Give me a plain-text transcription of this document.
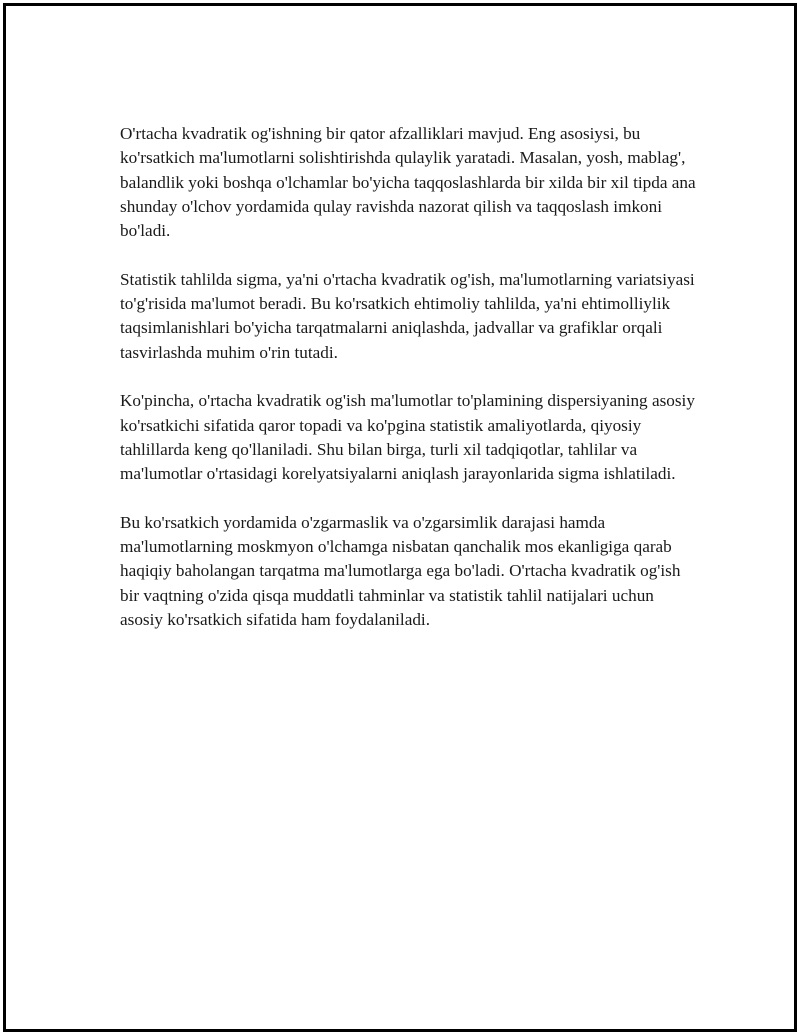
O'rtacha kvadratik og'ishning bir qator afzalliklari mavjud. Eng asosiysi, bu ko'rsatkich ma'lumotlarni solishtirishda qulaylik yaratadi. Masalan, yosh, mablag', balandlik yoki boshqa o'lchamlar bo'yicha taqqoslashlarda bir xilda bir xil tipda ana shunday o'lchov yordamida qulay ravishda nazorat qilish va taqqoslash imkoni bo'ladi.

Statistik tahlilda sigma, ya'ni o'rtacha kvadratik og'ish, ma'lumotlarning variatsiyasi to'g'risida ma'lumot beradi. Bu ko'rsatkich ehtimoliy tahlilda, ya'ni ehtimolliylik taqsimlanishlari bo'yicha tarqatmalarni aniqlashda, jadvallar va grafiklar orqali tasvirlashda muhim o'rin tutadi.

Ko'pincha, o'rtacha kvadratik og'ish ma'lumotlar to'plamining dispersiyaning asosiy ko'rsatkichi sifatida qaror topadi va ko'pgina statistik amaliyotlarda, qiyosiy tahlillarda keng qo'llaniladi. Shu bilan birga, turli xil tadqiqotlar, tahlilar va ma'lumotlar o'rtasidagi korelyatsiyalarni aniqlash jarayonlarida sigma ishlatiladi.

Bu ko'rsatkich yordamida o'zgarmaslik va o'zgarsimlik darajasi hamda ma'lumotlarning moskmyon o'lchamga nisbatan qanchalik mos ekanligiga qarab haqiqiy baholangan tarqatma ma'lumotlarga ega bo'ladi. O'rtacha kvadratik og'ish bir vaqtning o'zida qisqa muddatli tahminlar va statistik tahlil natijalari uchun asosiy ko'rsatkich sifatida ham foydalaniladi.
